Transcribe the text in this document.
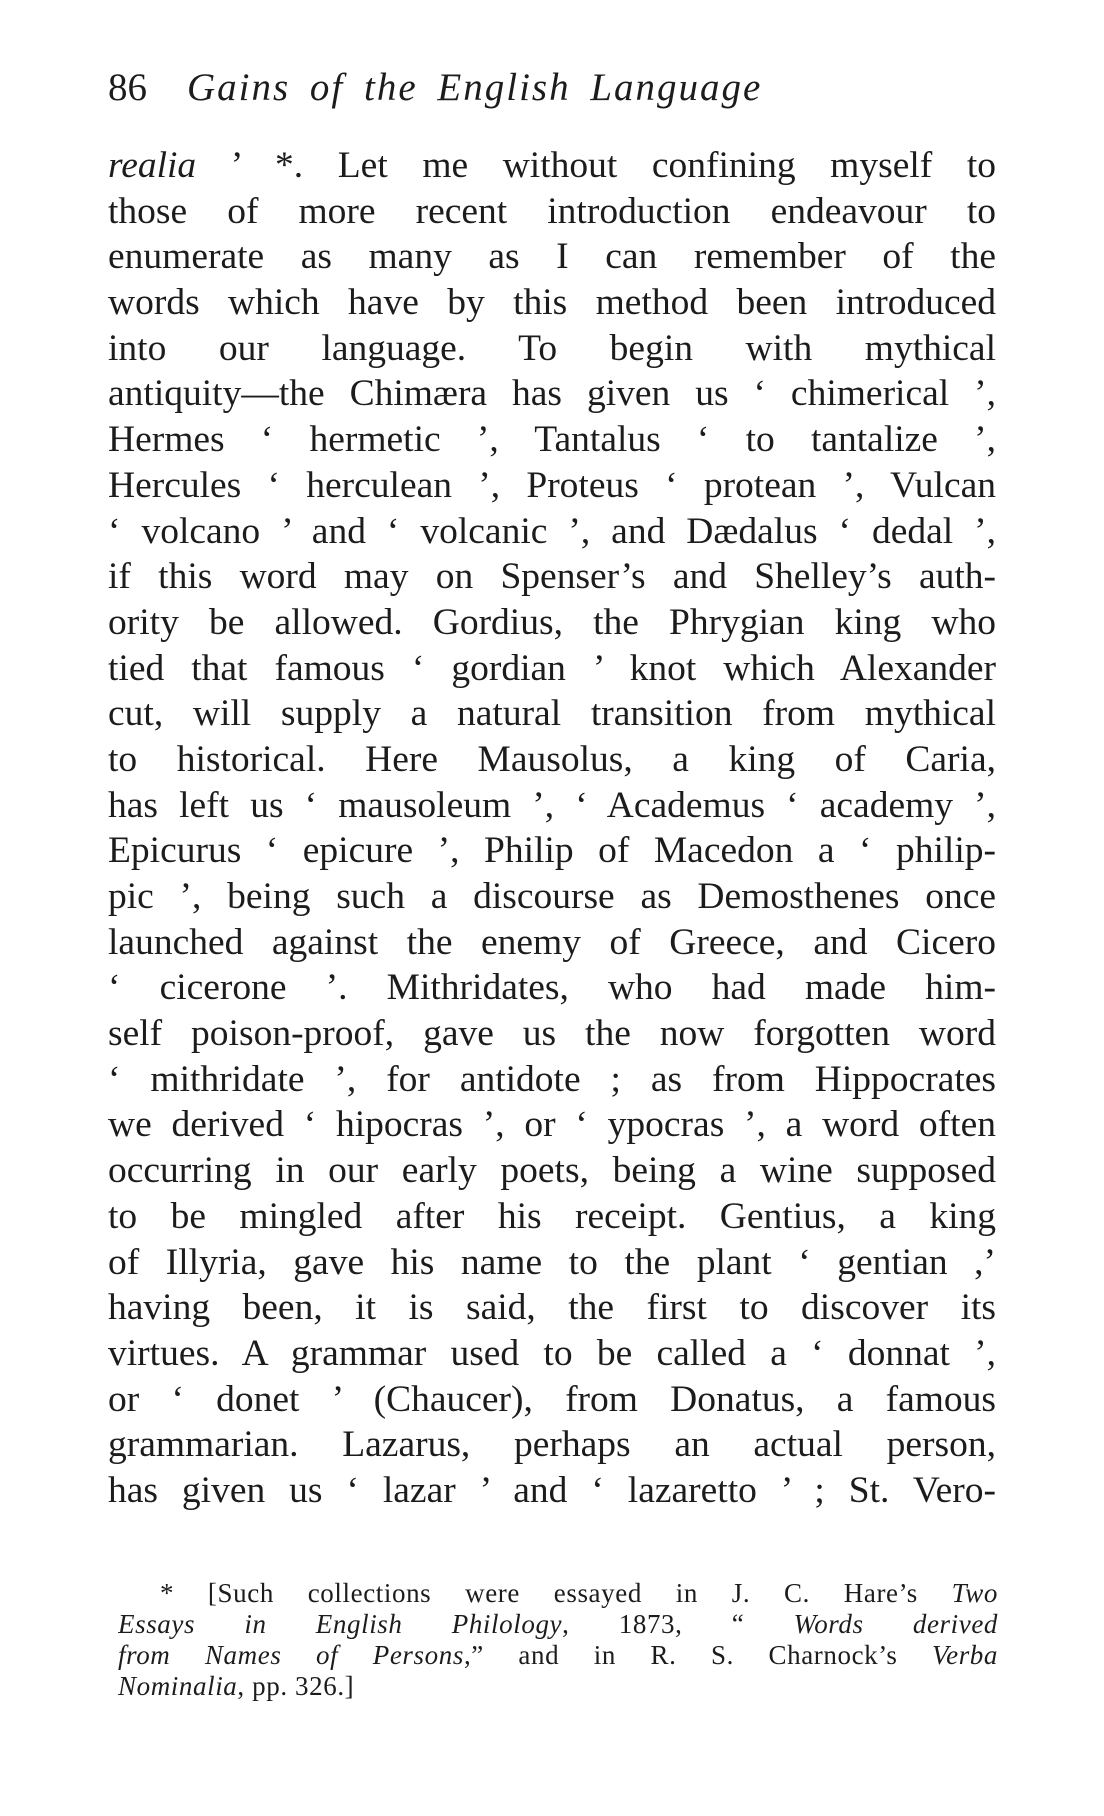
86 Gains of the English Language
realia ’ *. Let me without confining myself to
those of more recent introduction endeavour to
enumerate as many as I can remember of the
words which have by this method been introduced
into our language. To begin with mythical
antiquity—the Chimæra has given us ‘ chimerical ’,
Hermes ‘ hermetic ’, Tantalus ‘ to tantalize ’,
Hercules ‘ herculean ’, Proteus ‘ protean ’, Vulcan
‘ volcano ’ and ‘ volcanic ’, and Dædalus ‘ dedal ’,
if this word may on Spenser’s and Shelley’s auth-
ority be allowed. Gordius, the Phrygian king who
tied that famous ‘ gordian ’ knot which Alexander
cut, will supply a natural transition from mythical
to historical. Here Mausolus, a king of Caria,
has left us ‘ mausoleum ’, ‘ Academus ‘ academy ’,
Epicurus ‘ epicure ’, Philip of Macedon a ‘ philip-
pic ’, being such a discourse as Demosthenes once
launched against the enemy of Greece, and Cicero
‘ cicerone ’. Mithridates, who had made him-
self poison-proof, gave us the now forgotten word
‘ mithridate ’, for antidote ; as from Hippocrates
we derived ‘ hipocras ’, or ‘ ypocras ’, a word often
occurring in our early poets, being a wine supposed
to be mingled after his receipt. Gentius, a king
of Illyria, gave his name to the plant ‘ gentian ,’
having been, it is said, the first to discover its
virtues. A grammar used to be called a ‘ donnat ’,
or ‘ donet ’ (Chaucer), from Donatus, a famous
grammarian. Lazarus, perhaps an actual person,
has given us ‘ lazar ’ and ‘ lazaretto ’ ; St. Vero-
* [Such collections were essayed in J. C. Hare’s Two
Essays in English Philology, 1873, “ Words derived
from Names of Persons,” and in R. S. Charnock’s Verba
Nominalia, pp. 326.]
